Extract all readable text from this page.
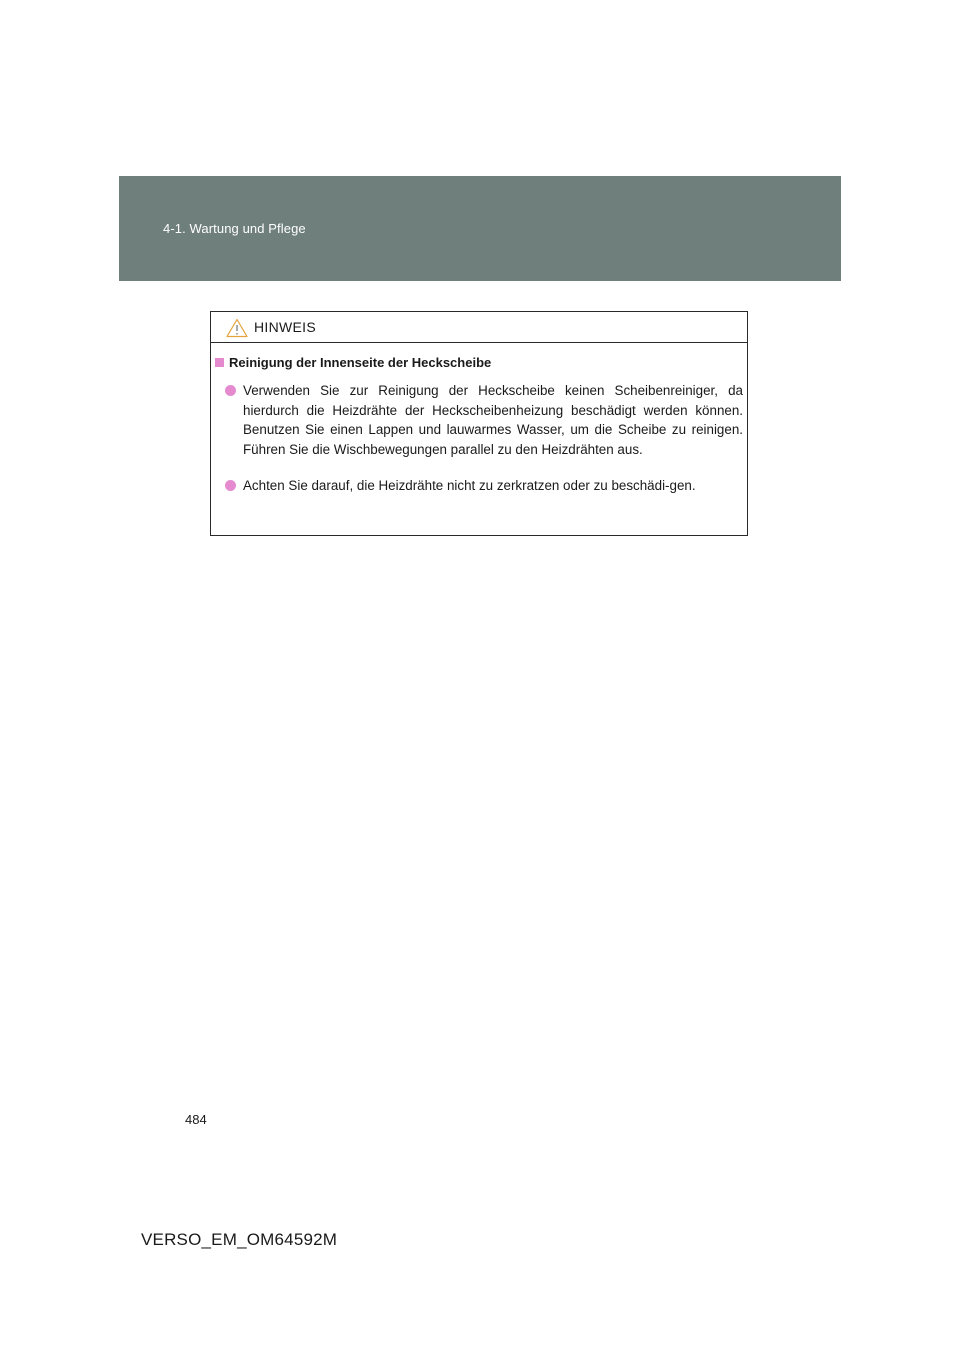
4-1. Wartung und Pflege
HINWEIS
Reinigung der Innenseite der Heckscheibe
Verwenden Sie zur Reinigung der Heckscheibe keinen Scheibenreiniger, da hierdurch die Heizdrähte der Heckscheibenheizung beschädigt werden können. Benutzen Sie einen Lappen und lauwarmes Wasser, um die Scheibe zu reinigen. Führen Sie die Wischbewegungen parallel zu den Heizdrähten aus.
Achten Sie darauf, die Heizdrähte nicht zu zerkratzen oder zu beschädi-gen.
484
VERSO_EM_OM64592M
